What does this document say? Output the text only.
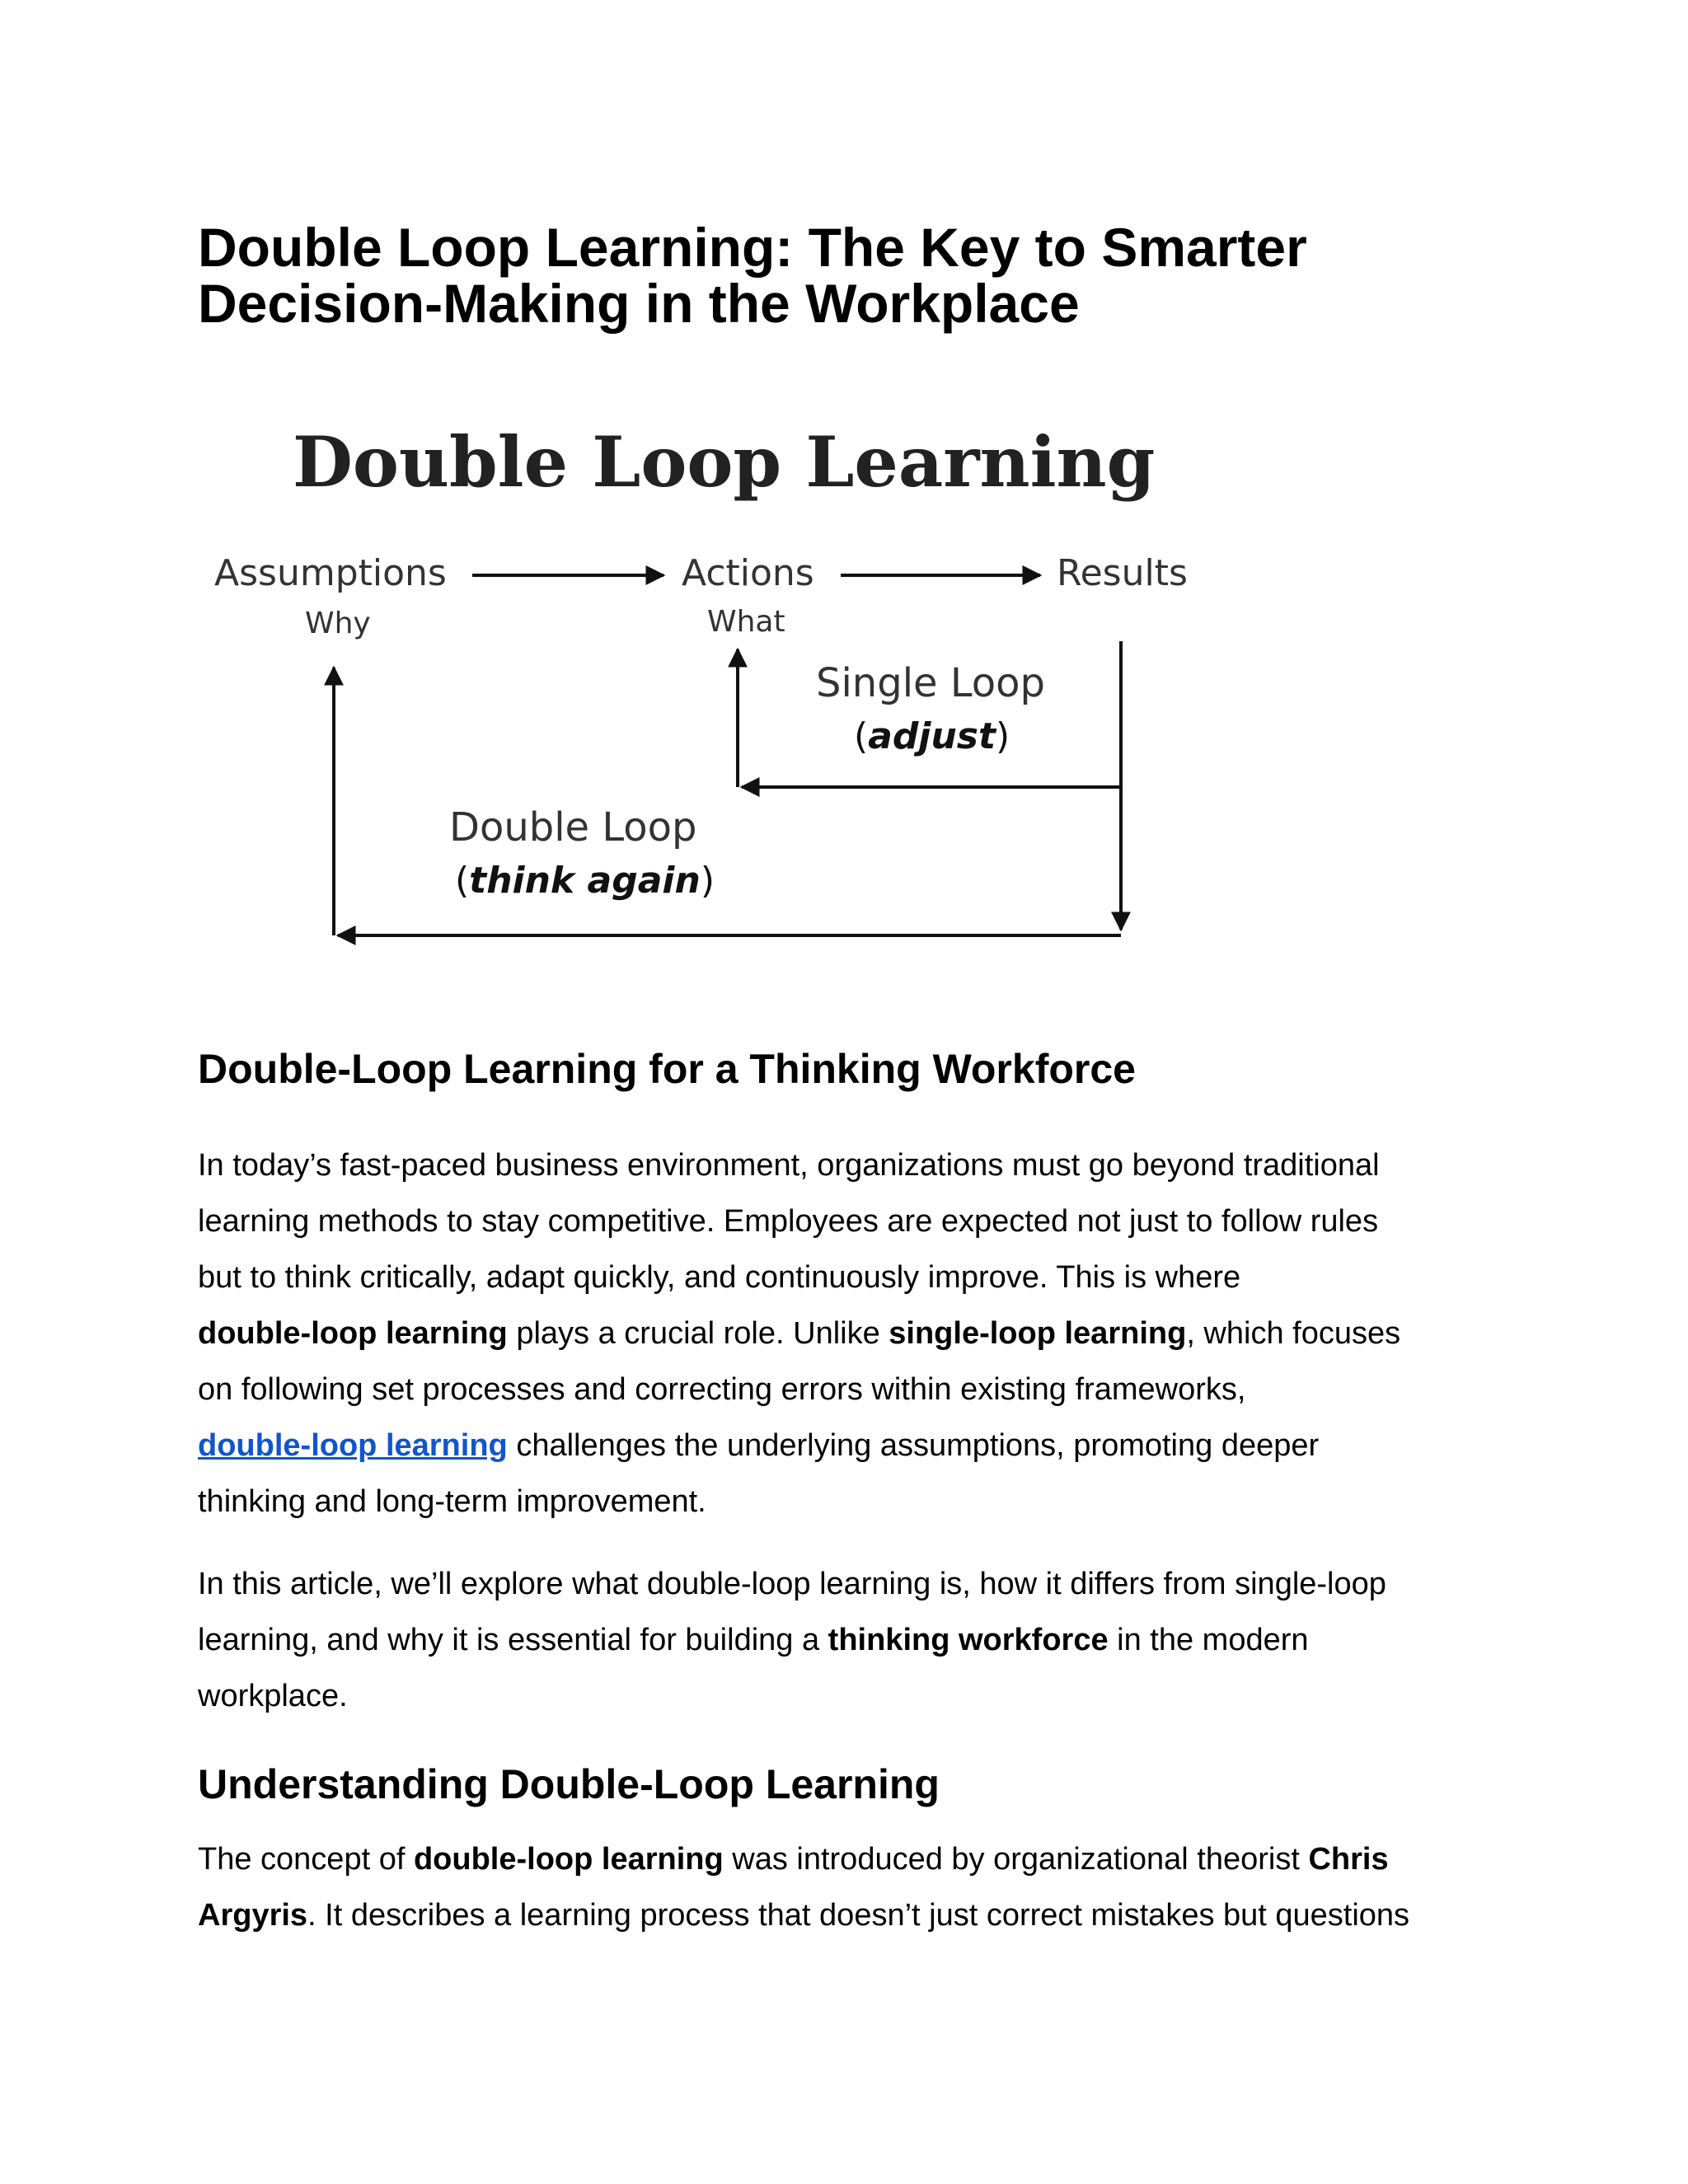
Double Loop Learning: The Key to Smarter
Decision-Making in the Workplace
Double Loop Learning
Assumptions
Why
Actions
What
Results
Single Loop
(adjust)
Double Loop
(think again)
Double-Loop Learning for a Thinking Workforce

In today’s fast-paced business environment, organizations must go beyond traditional
learning methods to stay competitive. Employees are expected not just to follow rules
but to think critically, adapt quickly, and continuously improve. This is where
double-loop learning plays a crucial role. Unlike single-loop learning, which focuses
on following set processes and correcting errors within existing frameworks,
double-loop learning challenges the underlying assumptions, promoting deeper
thinking and long-term improvement.

In this article, we’ll explore what double-loop learning is, how it differs from single-loop
learning, and why it is essential for building a thinking workforce in the modern
workplace.

Understanding Double-Loop Learning

The concept of double-loop learning was introduced by organizational theorist Chris
Argyris. It describes a learning process that doesn’t just correct mistakes but questions
